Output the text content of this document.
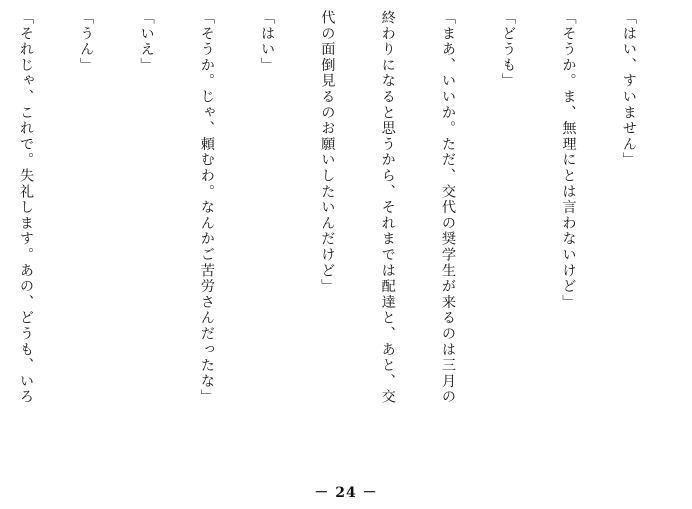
「はい、すいません」

「そうか。ま、無理にとは言わないけど」

「どうも」

「まあ、いいか。ただ、交代の奨学生が来るのは三月の

終わりになると思うから、それまでは配達と、あと、交

代の面倒見るのお願いしたいんだけど」

「はい」

「そうか。じゃ、頼むわ。なんかご苦労さんだったな」

「いえ」

「うん」

「それじゃ、これで。失礼します。あの、どうも、いろ

－ 24 －
